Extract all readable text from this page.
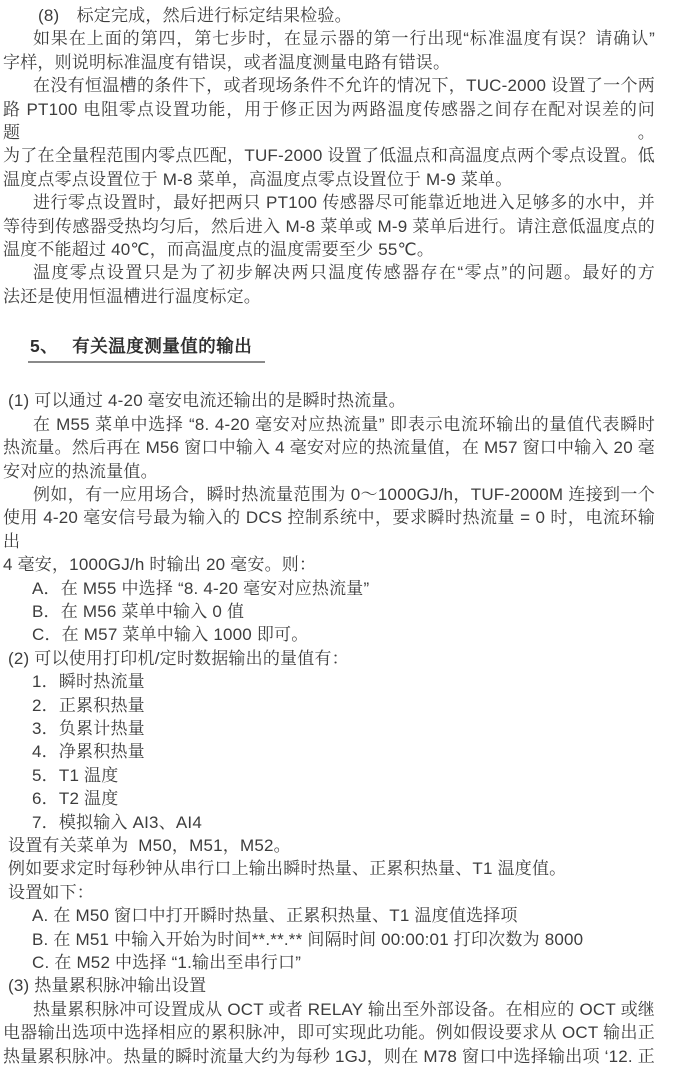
(8)　标定完成，然后进行标定结果检验。
如果在上面的第四，第七步时，在显示器的第一行出现“标准温度有误？请确认”
字样，则说明标准温度有错误，或者温度测量电路有错误。
在没有恒温槽的条件下，或者现场条件不允许的情况下，TUC-2000 设置了一个两
路 PT100 电阻零点设置功能，用于修正因为两路温度传感器之间存在配对误差的问题。
为了在全量程范围内零点匹配，TUF-2000 设置了低温点和高温度点两个零点设置。低
温度点零点设置位于 M-8 菜单，高温度点零点设置位于 M-9 菜单。
进行零点设置时，最好把两只 PT100 传感器尽可能靠近地进入足够多的水中，并
等待到传感器受热均匀后，然后进入 M-8 菜单或 M-9 菜单后进行。请注意低温度点的
温度不能超过 40℃，而高温度点的温度需要至少 55℃。
温度零点设置只是为了初步解决两只温度传感器存在“零点”的问题。最好的方
法还是使用恒温槽进行温度标定。
5、 有关温度测量值的输出
(1) 可以通过 4-20 毫安电流还输出的是瞬时热流量。
在 M55 菜单中选择 “8. 4-20 毫安对应热流量” 即表示电流环输出的量值代表瞬时
热流量。然后再在 M56 窗口中输入 4 毫安对应的热流量值，在 M57 窗口中输入 20 毫
安对应的热流量值。
例如，有一应用场合，瞬时热流量范围为 0～1000GJ/h，TUF-2000M 连接到一个
使用 4-20 毫安信号最为输入的 DCS 控制系统中，要求瞬时热流量 = 0 时，电流环输出
4 毫安，1000GJ/h 时输出 20 毫安。则：
A．在 M55 中选择 “8. 4-20 毫安对应热流量”
B．在 M56 菜单中输入 0 值
C．在 M57 菜单中输入 1000 即可。
(2) 可以使用打印机/定时数据输出的量值有：
1．瞬时热流量
2．正累积热量
3．负累计热量
4．净累积热量
5．T1 温度
6．T2 温度
7．模拟输入 AI3、AI4
设置有关菜单为  M50，M51，M52。
例如要求定时每秒钟从串行口上输出瞬时热量、正累积热量、T1 温度值。
设置如下：
A. 在 M50 窗口中打开瞬时热量、正累积热量、T1 温度值选择项
B. 在 M51 中输入开始为时间**.**.** 间隔时间 00:00:01 打印次数为 8000
C. 在 M52 中选择 “1.输出至串行口”
(3) 热量累积脉冲输出设置
热量累积脉冲可设置成从 OCT 或者 RELAY 输出至外部设备。在相应的 OCT 或继
电器输出选项中选择相应的累积脉冲，即可实现此功能。例如假设要求从 OCT 输出正
热量累积脉冲。热量的瞬时流量大约为每秒 1GJ，则在 M78 窗口中选择输出项 ‘12. 正
